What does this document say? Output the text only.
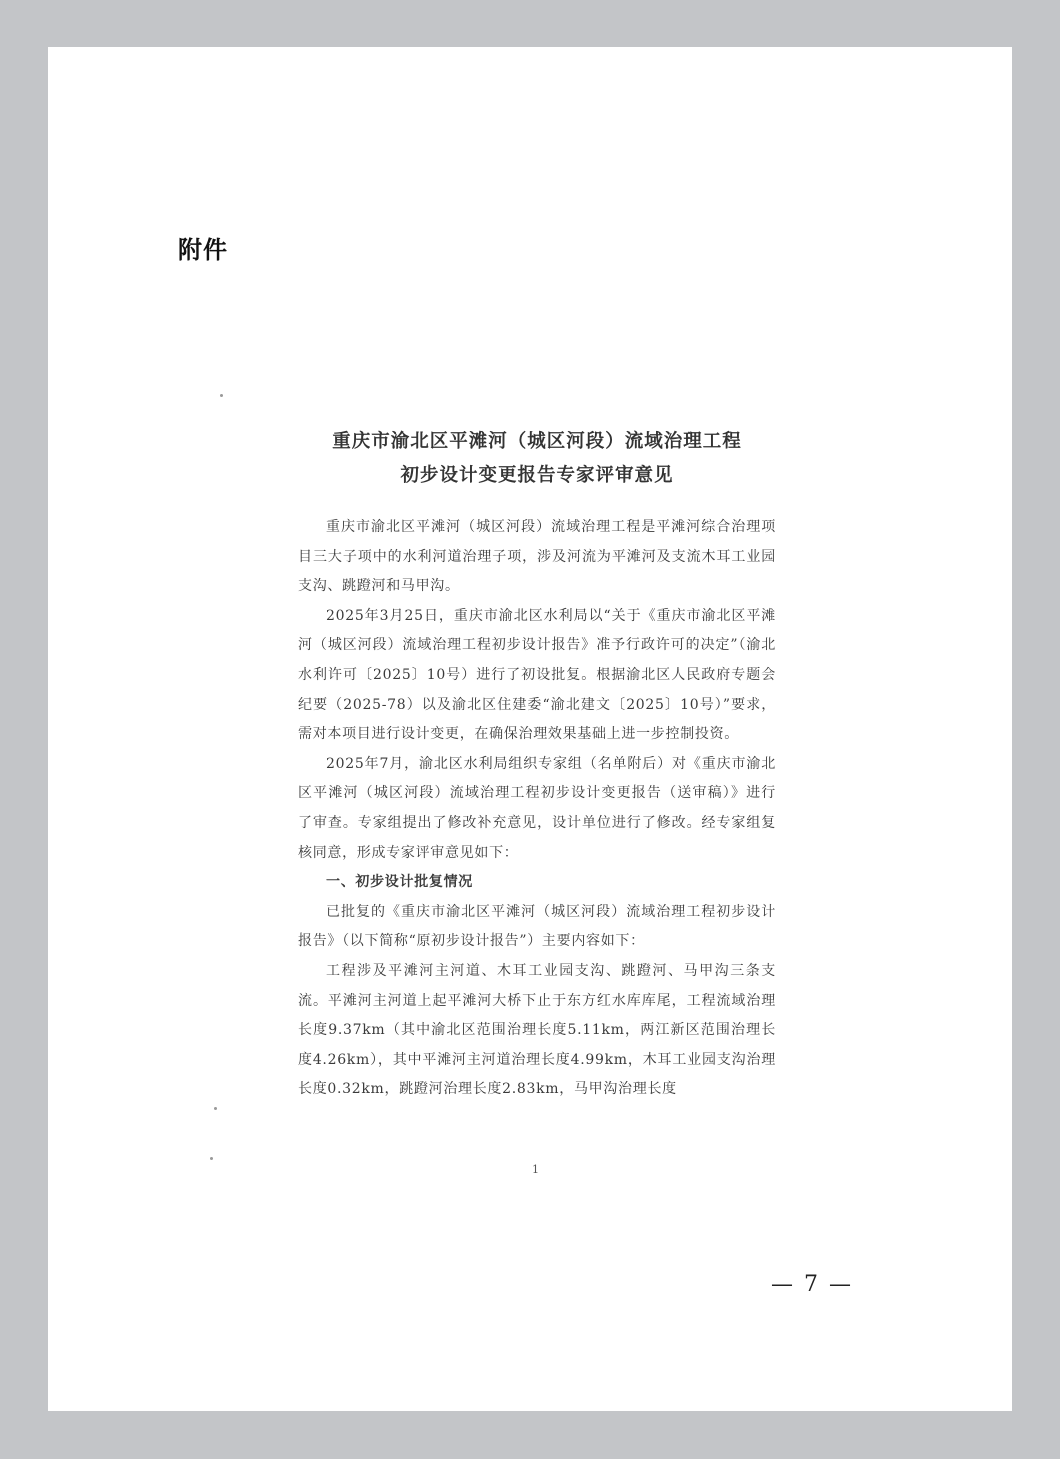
附件
重庆市渝北区平滩河（城区河段）流域治理工程
初步设计变更报告专家评审意见

重庆市渝北区平滩河（城区河段）流域治理工程是平滩河综合治理项目三大子项中的水利河道治理子项，涉及河流为平滩河及支流木耳工业园支沟、跳蹬河和马甲沟。

2025年3月25日，重庆市渝北区水利局以“关于《重庆市渝北区平滩河（城区河段）流域治理工程初步设计报告》准予行政许可的决定”（渝北水利许可〔2025〕10号）进行了初设批复。根据渝北区人民政府专题会纪要（2025-78）以及渝北区住建委“渝北建文〔2025〕10号）”要求，需对本项目进行设计变更，在确保治理效果基础上进一步控制投资。

2025年7月，渝北区水利局组织专家组（名单附后）对《重庆市渝北区平滩河（城区河段）流域治理工程初步设计变更报告（送审稿）》进行了审查。专家组提出了修改补充意见，设计单位进行了修改。经专家组复核同意，形成专家评审意见如下：

一、初步设计批复情况

已批复的《重庆市渝北区平滩河（城区河段）流域治理工程初步设计报告》（以下简称“原初步设计报告”）主要内容如下：

工程涉及平滩河主河道、木耳工业园支沟、跳蹬河、马甲沟三条支流。平滩河主河道上起平滩河大桥下止于东方红水库库尾，工程流域治理长度9.37km（其中渝北区范围治理长度5.11km，两江新区范围治理长度4.26km），其中平滩河主河道治理长度4.99km，木耳工业园支沟治理长度0.32km，跳蹬河治理长度2.83km，马甲沟治理长度

1
— 7 —
